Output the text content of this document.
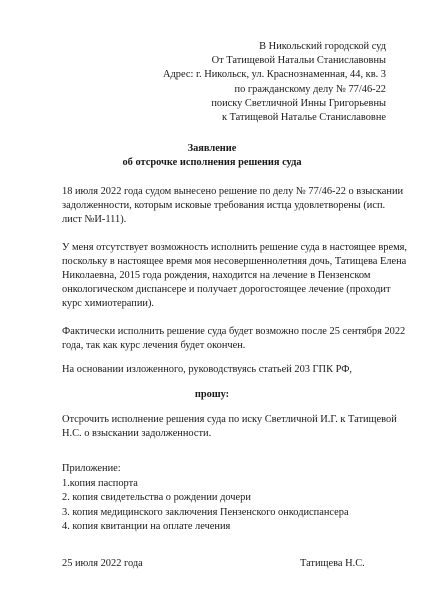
В Никольский городской суд
От Татищевой Натальи Станиславовны
Адрес: г. Никольск, ул. Краснознаменная, 44, кв. 3
по гражданскому делу № 77/46-22
поиску Светличной Инны Григорьевны
к Татищевой Наталье Станиславовне
Заявление
об отсрочке исполнения решения суда
18 июля 2022 года судом вынесено решение по делу № 77/46-22 о взыскании
задолженности, которым исковые требования истца удовлетворены (исп.
лист №И-111).
У меня отсутствует возможность исполнить решение суда в настоящее время,
поскольку в настоящее время моя несовершеннолетняя дочь, Татищева Елена
Николаевна, 2015 года рождения, находится на лечение в Пензенском
онкологическом диспансере и получает дорогостоящее лечение (проходит
курс химиотерапии).
Фактически исполнить решение суда будет возможно после 25 сентября 2022
года, так как курс лечения будет окончен.
На основании изложенного, руководствуясь статьей 203 ГПК РФ,
прошу:
Отсрочить исполнение решения суда по иску Светличной И.Г. к Татищевой
Н.С. о взыскании задолженности.
Приложение:
1.копия паспорта
2. копия свидетельства о рождении дочери
3. копия медицинского заключения Пензенского онкодиспансера
4. копия квитанции на оплате лечения
25 июля 2022 года	Татищева Н.С.
